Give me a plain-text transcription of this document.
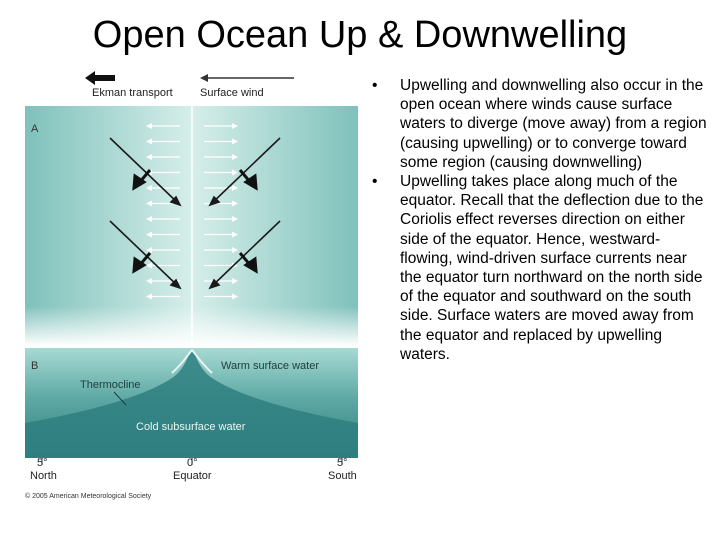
Open Ocean Up & Downwelling
Ekman transport Surface wind
A
B	Warm surface water
Thermocline
Cold subsurface water
5°
North
0°
Equator
5°
South
© 2005 American Meteorological Society
• Upwelling and downwelling also occur in the open ocean where winds cause surface waters to diverge (move away) from a region (causing upwelling) or to converge toward some region (causing downwelling)
• Upwelling takes place along much of the equator. Recall that the deflection due to the Coriolis effect reverses direction on either side of the equator. Hence, westward-flowing, wind-driven surface currents near the equator turn northward on the north side of the equator and southward on the south side. Surface waters are moved away from the equator and replaced by upwelling waters.
